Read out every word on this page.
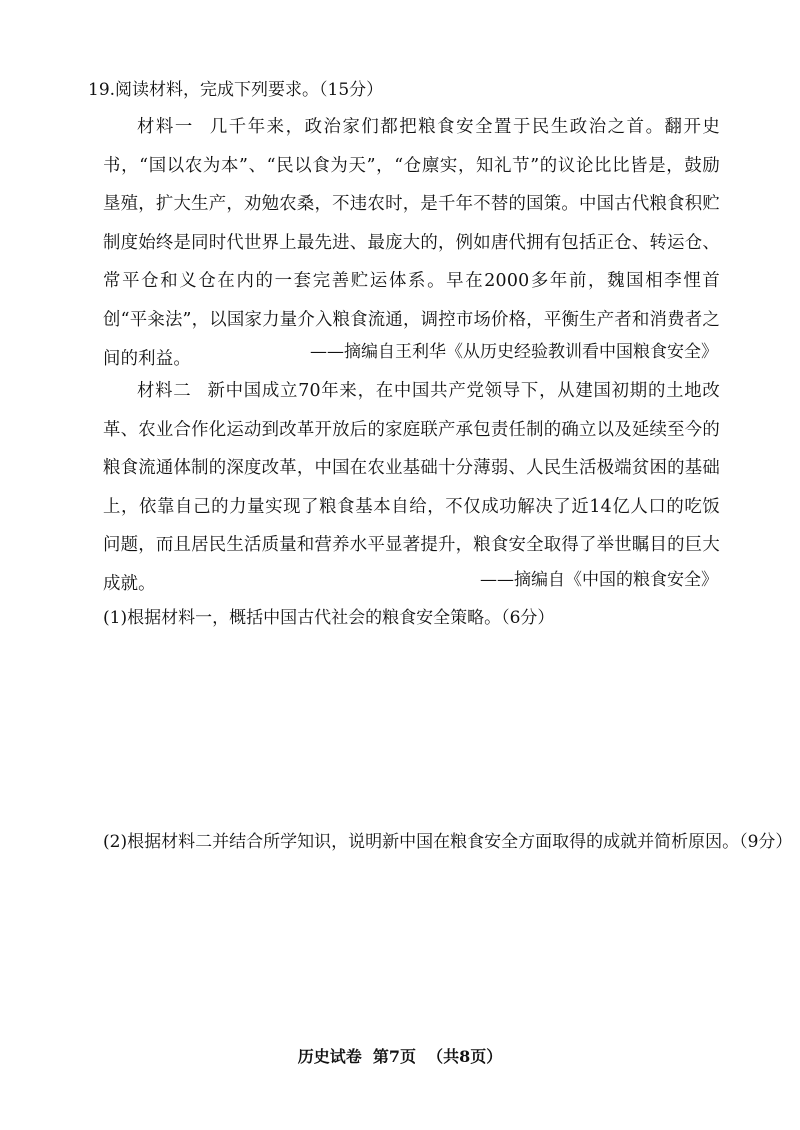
19.阅读材料，完成下列要求。（15分）
材料一 几千年来，政治家们都把粮食安全置于民生政治之首。翻开史书，“国以农为本”、“民以食为天”，“仓廪实，知礼节”的议论比比皆是，鼓励垦殖，扩大生产，劝勉农桑，不违农时，是千年不替的国策。中国古代粮食积贮制度始终是同时代世界上最先进、最庞大的，例如唐代拥有包括正仓、转运仓、常平仓和义仓在内的一套完善贮运体系。早在2000多年前，魏国相李悝首创“平籴法”，以国家力量介入粮食流通，调控市场价格，平衡生产者和消费者之间的利益。	——摘编自王利华《从历史经验教训看中国粮食安全》
材料二 新中国成立70年来，在中国共产党领导下，从建国初期的土地改革、农业合作化运动到改革开放后的家庭联产承包责任制的确立以及延续至今的粮食流通体制的深度改革，中国在农业基础十分薄弱、人民生活极端贫困的基础上，依靠自己的力量实现了粮食基本自给，不仅成功解决了近14亿人口的吃饭问题，而且居民生活质量和营养水平显著提升，粮食安全取得了举世瞩目的巨大成就。	——摘编自《中国的粮食安全》
(1)根据材料一，概括中国古代社会的粮食安全策略。（6分）
(2)根据材料二并结合所学知识，说明新中国在粮食安全方面取得的成就并简析原因。（9分）
历史试卷  第7页  （共8页）
